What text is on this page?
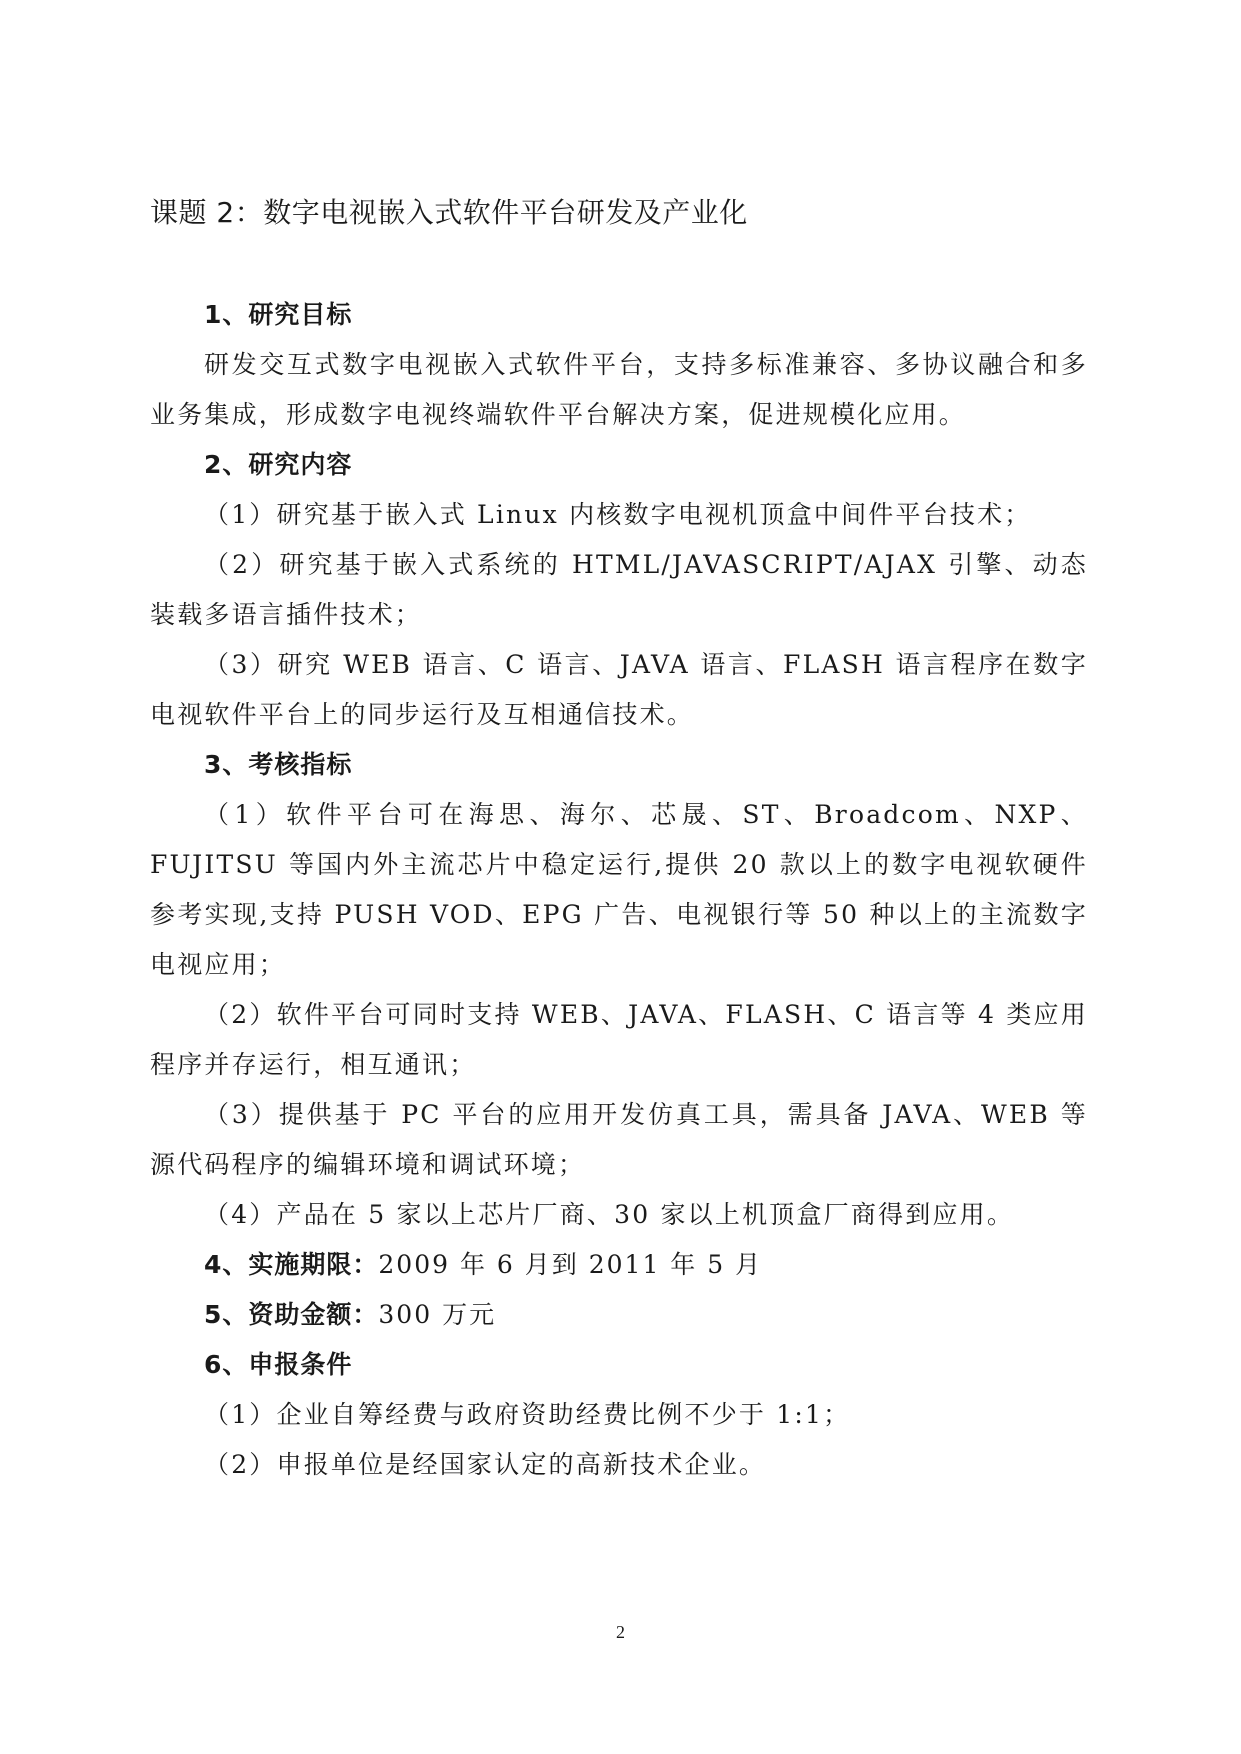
课题 2：数字电视嵌入式软件平台研发及产业化

1、研究目标

研发交互式数字电视嵌入式软件平台，支持多标准兼容、多协议融合和多业务集成，形成数字电视终端软件平台解决方案，促进规模化应用。

2、研究内容

（1）研究基于嵌入式 Linux 内核数字电视机顶盒中间件平台技术；

（2）研究基于嵌入式系统的 HTML/JAVASCRIPT/AJAX 引擎、动态装载多语言插件技术；

（3）研究 WEB 语言、C 语言、JAVA 语言、FLASH 语言程序在数字电视软件平台上的同步运行及互相通信技术。

3、考核指标

（1）软件平台可在海思、海尔、芯晟、ST、Broadcom、NXP、FUJITSU 等国内外主流芯片中稳定运行,提供 20 款以上的数字电视软硬件参考实现,支持 PUSH VOD、EPG 广告、电视银行等 50 种以上的主流数字电视应用；

（2）软件平台可同时支持 WEB、JAVA、FLASH、C 语言等 4 类应用程序并存运行，相互通讯；

（3）提供基于 PC 平台的应用开发仿真工具，需具备 JAVA、WEB 等源代码程序的编辑环境和调试环境；

（4）产品在 5 家以上芯片厂商、30 家以上机顶盒厂商得到应用。

4、实施期限：2009 年 6 月到 2011 年 5 月

5、资助金额：300 万元

6、申报条件

（1）企业自筹经费与政府资助经费比例不少于 1:1；

（2）申报单位是经国家认定的高新技术企业。

2
